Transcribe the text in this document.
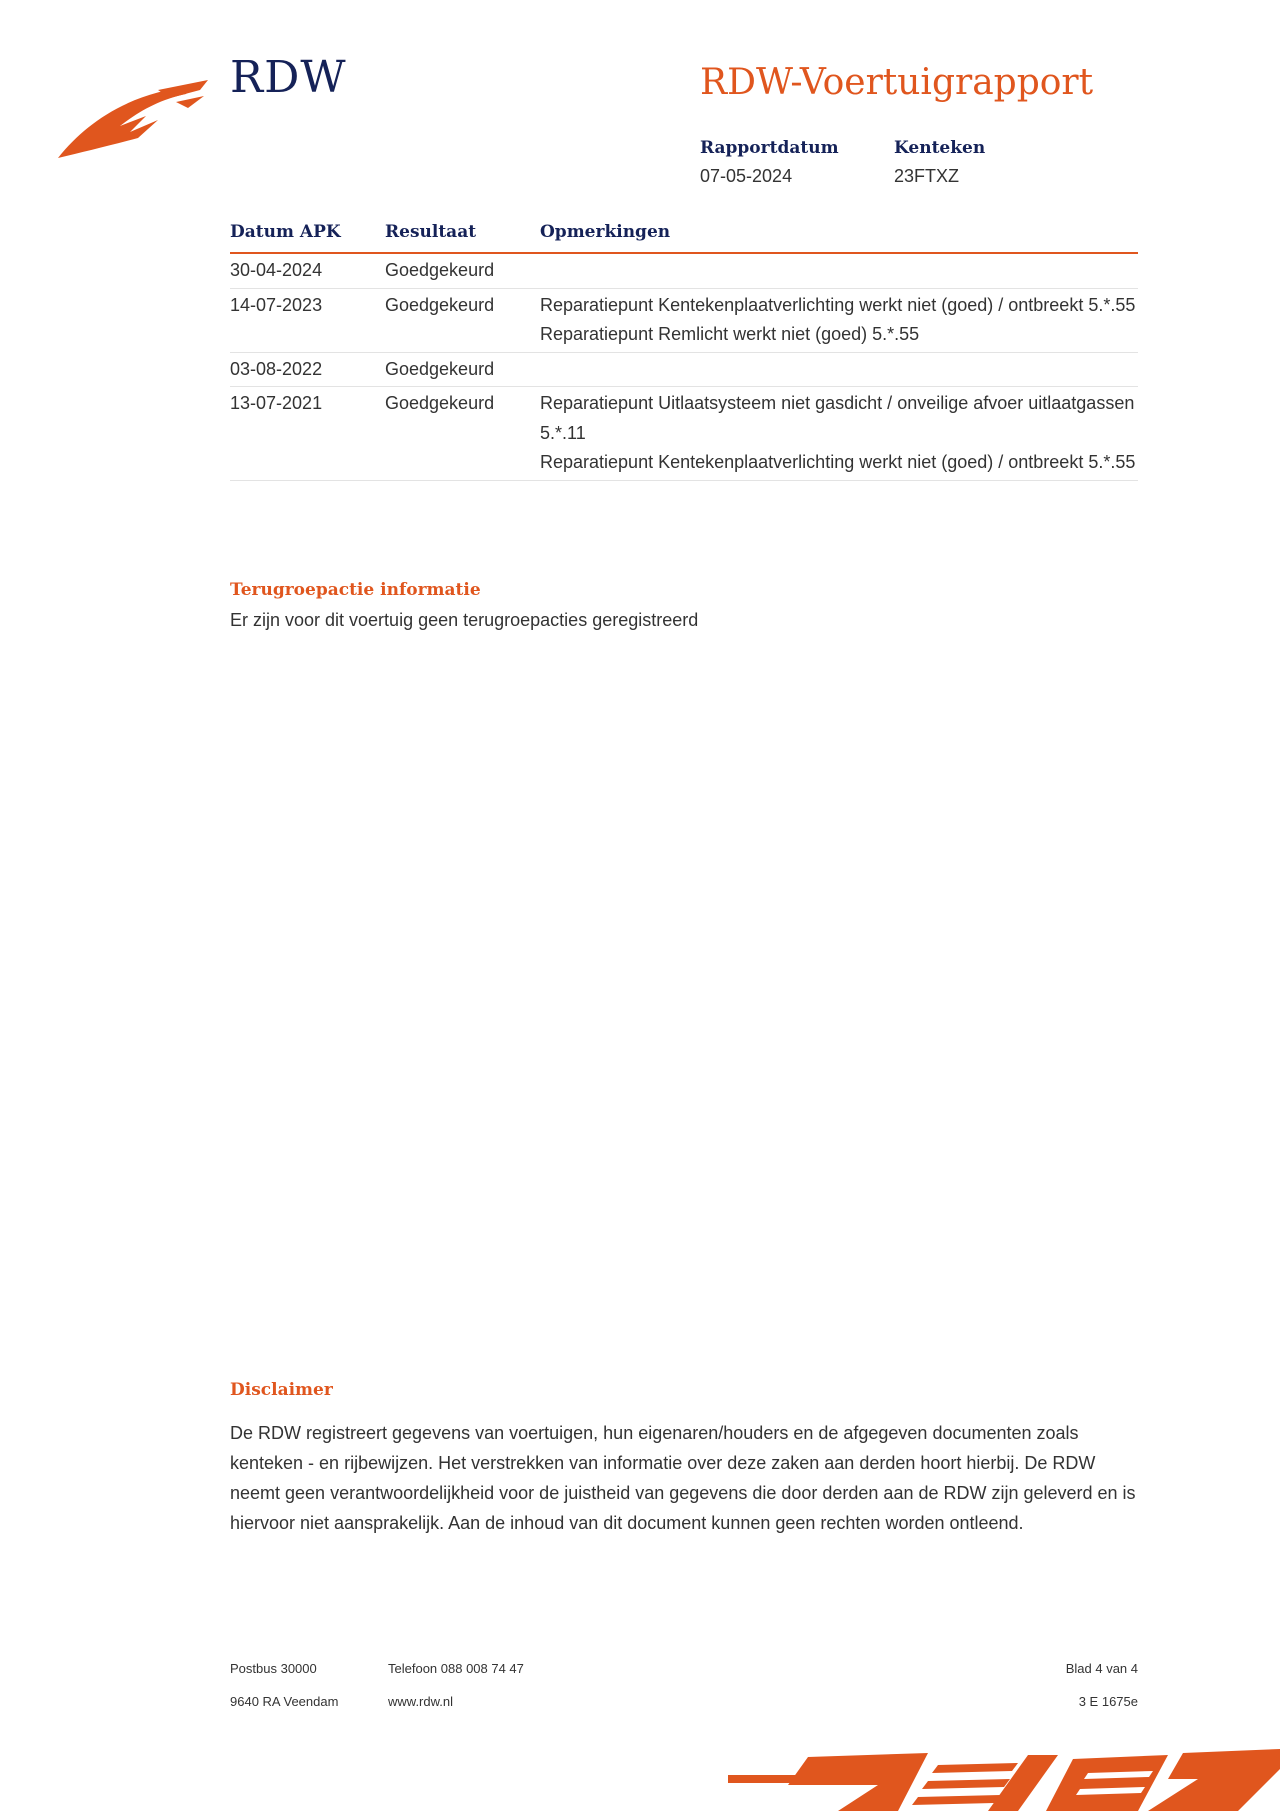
RDW	RDW-Voertuigrapport
Rapportdatum
07-05-2024
Kenteken
23FTXZ
Datum APK	Resultaat	Opmerkingen
30-04-2024	Goedgekeurd

14-07-2023	Goedgekeurd	Reparatiepunt Kentekenplaatverlichting werkt niet (goed) / ontbreekt 5.*.55
Reparatiepunt Remlicht werkt niet (goed) 5.*.55
03-08-2022	Goedgekeurd

13-07-2021	Goedgekeurd	Reparatiepunt Uitlaatsysteem niet gasdicht / onveilige afvoer uitlaatgassen 5.*.11
Reparatiepunt Kentekenplaatverlichting werkt niet (goed) / ontbreekt 5.*.55
Terugroepactie informatie
Er zijn voor dit voertuig geen terugroepacties geregistreerd
Disclaimer
De RDW registreert gegevens van voertuigen, hun eigenaren/houders en de afgegeven documenten zoals kenteken - en rijbewijzen. Het verstrekken van informatie over deze zaken aan derden hoort hierbij. De RDW neemt geen verantwoordelijkheid voor de juistheid van gegevens die door derden aan de RDW zijn geleverd en is hiervoor niet aansprakelijk. Aan de inhoud van dit document kunnen geen rechten worden ontleend.
Postbus 30000
9640 RA Veendam
Telefoon 088 008 74 47
www.rdw.nl
Blad 4 van 4
3 E 1675e
